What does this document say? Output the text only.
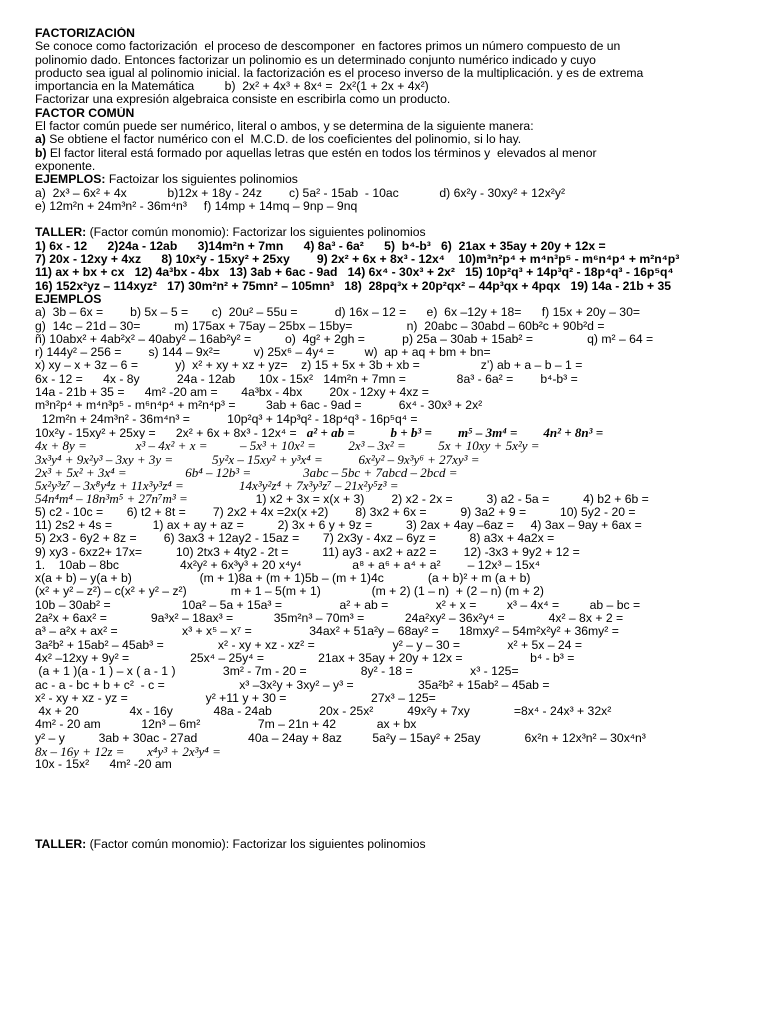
FACTORIZACIÓN
Se conoce como factorización  el proceso de descomponer  en factores primos un número compuesto de un
polinomio dado. Entonces factorizar un polinomio es un determinado conjunto numérico indicado y cuyo
producto sea igual al polinomio inicial. la factorización es el proceso inverso de la multiplicación. y es de extrema
importancia en la Matemática         b)  2x² + 4x³ + 8x⁴ =  2x²(1 + 2x + 4x²)
Factorizar una expresión algebraica consiste en escribirla como un producto.
FACTOR COMÚN
El factor común puede ser numérico, literal o ambos, y se determina de la siguiente manera:
a) Se obtiene el factor numérico con el  M.C.D. de los coeficientes del polinomio, si lo hay.
b) El factor literal está formado por aquellas letras que estén en todos los términos y  elevados al menor
exponente.
EJEMPLOS: Factoizar los siguientes polinomios
a)  2x³ – 6x² + 4x            b)12x + 18y - 24z        c) 5a² - 15ab  - 10ac            d) 6x²y - 30xy² + 12x²y²
e) 12m²n + 24m³n² - 36m⁴n³     f) 14mp + 14mq – 9np – 9nq
TALLER: (Factor común monomio): Factorizar los siguientes polinomios
1) 6x - 12      2)24a - 12ab      3)14m²n + 7mn      4) 8a³ - 6a²      5)  b⁴-b³   6)  21ax + 35ay + 20y + 12x =
7) 20x - 12xy + 4xz      8) 10x²y - 15xy² + 25xy        9) 2x² + 6x + 8x³ - 12x⁴    10)m³n²p⁴ + m⁴n³p⁵ - m⁶n⁴p⁴ + m²n⁴p³
11) ax + bx + cx   12) 4a³bx - 4bx   13) 3ab + 6ac - 9ad   14) 6x⁴ - 30x³ + 2x²   15) 10p²q³ + 14p³q² - 18p⁴q³ - 16p⁵q⁴
16) 152x²yz – 114xyz²   17) 30m²n² + 75mn² – 105mn³   18)  28pq³x + 20p²qx² – 44p³qx + 4pqx   19) 14a - 21b + 35
EJEMPLOS
a)  3b – 6x =        b) 5x – 5 =       c)  20u² – 55u =           d) 16x – 12 =      e)  6x –12y + 18=      f) 15x + 20y – 30=
g)  14c – 21d – 30=          m) 175ax + 75ay – 25bx – 15by=                n)  20abc – 30abd – 60b²c + 90b²d =
ñ) 10abx² + 4ab²x² – 40aby² – 16ab²y² =          o)  4g² + 2gh =           p) 25a – 30ab + 15ab² =                q) m² – 64 =
r) 144y² – 256 =        s) 144 – 9x²=          v) 25x⁶ – 4y⁴ =         w)  ap + aq + bm + bn=
x) xy – x + 3z – 6 =           y)  x² + xy + xz + yz=    z) 15 + 5x + 3b + xb =                  z’) ab + a – b – 1 =
6x - 12 =      4x - 8y           24a - 12ab       10x - 15x²   14m²n + 7mn =               8a³ - 6a² =        b⁴-b³ =
14a - 21b + 35 =      4m² -20 am =       4a³bx - 4bx        20x - 12xy + 4xz =
m³n²p⁴ + m⁴n³p⁵ - m⁶n⁴p⁴ + m²n⁴p³ =         3ab + 6ac - 9ad =           6x⁴ - 30x³ + 2x²
12m²n + 24m³n² - 36m⁴n³ =           10p²q³ + 14p³q² - 18p⁴q³ - 16p⁵q⁴ =
10x²y - 15xy² + 25xy =      2x² + 6x + 8x³ - 12x⁴ =   a² + ab =           b + b³ =        m⁵ – 3m⁴ =        4n² + 8n³ =
4x + 8y =               x³ – 4x² + x =          – 5x³ + 10x² =          2x³ – 3x² =          5x + 10xy + 5x²y =
3x³y⁴ + 9x²y³ – 3xy + 3y =            5y²x – 15xy² + y³x⁴ =           6x²y² – 9x³y⁶ + 27xy³ =
2x³ + 5x² + 3x⁴ =                  6b⁴ – 12b³ =                3abc – 5bc + 7abcd – 2bcd =
5x²y³z⁷ – 3x⁸y⁴z + 11x³y³z⁴ =                 14x³y²z⁴ + 7x³y³z⁷ – 21x²y⁵z³ =
54n⁴m⁴ – 18n³m⁵ + 27n⁷m³ =                    1) x2 + 3x = x(x + 3)        2) x2 - 2x =          3) a2 - 5a =          4) b2 + 6b =
5) c2 - 10c =       6) t2 + 8t =        7) 2x2 + 4x =2x(x +2)        8) 3x2 + 6x =          9) 3a2 + 9 =          10) 5y2 - 20 =
11) 2s2 + 4s =            1) ax + ay + az =          2) 3x + 6 y + 9z =          3) 2ax + 4ay –6az =     4) 3ax – 9ay + 6ax =
5) 2x3 - 6y2 + 8z =        6) 3ax3 + 12ay2 - 15az =       7) 2x3y - 4xz – 6yz =          8) a3x + 4a2x =
9) xy3 - 6xz2+ 17x=          10) 2tx3 + 4ty2 - 2t =          11) ay3 - ax2 + az2 =        12) -3x3 + 9y2 + 12 =
1.    10ab – 8bc                  4x²y² + 6x³y³ + 20 x⁴y⁴               a⁸ + a⁶ + a⁴ + a²        – 12x³ – 15x⁴
x(a + b) – y(a + b)                    (m + 1)8a + (m + 1)5b – (m + 1)4c             (a + b)² + m (a + b)
(x² + y² – z²) – c(x² + y² – z²)             m + 1 – 5(m + 1)               (m + 2) (1 – n)  + (2 – n) (m + 2)
10b – 30ab² =                     10a² – 5a + 15a³ =                 a² + ab =              x² + x =         x³ – 4x⁴ =         ab – bc =
2a²x + 6ax² =             9a³x² – 18ax³ =            35m²n³ – 70m³ =            24a²xy² – 36x²y⁴ =             4x² – 8x + 2 =
a³ – a²x + ax² =                   x³ + x⁵ – x⁷ =                 34ax² + 51a²y – 68ay² =      18mxy² – 54m²x²y² + 36my² =
3a²b² + 15ab² – 45ab³ =                x² - xy + xz - xz² =                       y² – y – 30 =              x² + 5x – 24 =
4x² –12xy + 9y² =                  25x⁴ – 25y⁴ =                21ax + 35ay + 20y + 12x =                    b⁴ - b³ =
(a + 1 )(a - 1 ) – x ( a - 1 )              3m² - 7m - 20 =                8y² - 18 =                 x³ - 125=
ac - a - bc + b + c²  - c =                      x³ –3x²y + 3xy² – y³ =                   35a²b² + 15ab² – 45ab =
x² - xy + xz - yz =                       y² +11 y + 30 =                         27x³ – 125=
4x + 20               4x - 16y            48a - 24ab              20x - 25x²          49x²y + 7xy             =8x⁴ - 24x³ + 32x²
4m² - 20 am            12n³ – 6m²                 7m – 21n + 42            ax + bx
y² – y          3ab + 30ac - 27ad               40a – 24ay + 8az         5a²y – 15ay² + 25ay             6x²n + 12x³n² – 30x⁴n³
8x – 16y + 12z =       x⁴y³ + 2x³y⁴ =
10x - 15x²      4m² -20 am
TALLER: (Factor común monomio): Factorizar los siguientes polinomios
